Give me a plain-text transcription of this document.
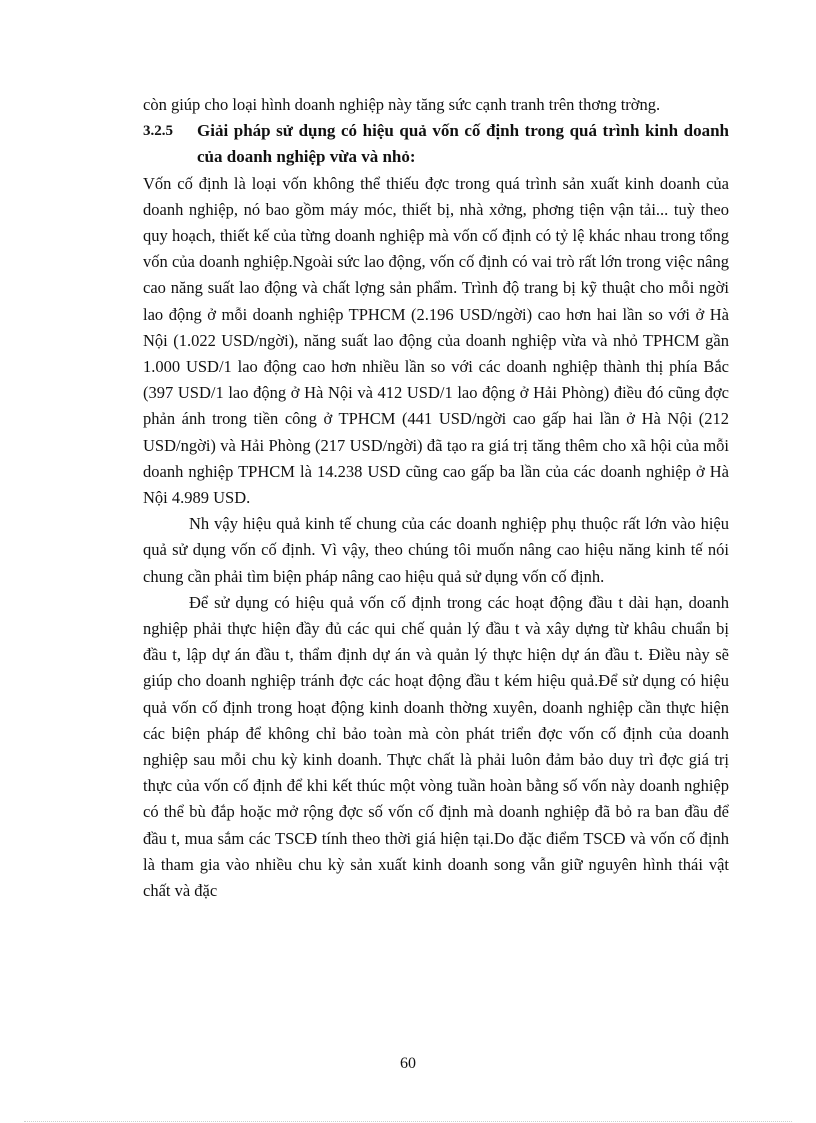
còn giúp cho loại hình doanh nghiệp này tăng sức cạnh tranh trên thơng trờng.

3.2.5	Giải pháp sử dụng có hiệu quả vốn cố định trong quá trình kinh doanh của doanh nghiệp vừa và nhỏ:

Vốn cố định là loại vốn không thể thiếu đợc trong quá trình sản xuất kinh doanh của doanh nghiệp, nó bao gồm máy móc, thiết bị, nhà xởng, phơng tiện vận tải... tuỳ theo quy hoạch, thiết kế của từng doanh nghiệp mà vốn cố định có tỷ lệ khác nhau trong tổng vốn của doanh nghiệp.Ngoài sức lao động, vốn cố định có vai trò rất lớn trong việc nâng cao năng suất lao động và chất lợng sản phẩm. Trình độ trang bị kỹ thuật cho mỗi ngời lao động ở mỗi doanh nghiệp TPHCM (2.196 USD/ngời) cao hơn hai lần so với ở Hà Nội (1.022 USD/ngời), năng suất lao động của doanh nghiệp vừa và nhỏ TPHCM gần 1.000 USD/1 lao động cao hơn nhiều lần so với các doanh nghiệp thành thị phía Bắc (397 USD/1 lao động ở Hà Nội và 412 USD/1 lao động ở Hải Phòng) điều đó cũng đợc phản ánh trong tiền công ở TPHCM (441 USD/ngời cao gấp hai lần ở Hà Nội (212 USD/ngời) và Hải Phòng (217 USD/ngời) đã tạo ra giá trị tăng thêm cho xã hội của mỗi doanh nghiệp TPHCM là 14.238 USD cũng cao gấp ba lần của các doanh nghiệp ở Hà Nội 4.989 USD.

Nh vậy hiệu quả kinh tế chung của các doanh nghiệp phụ thuộc rất lớn vào hiệu quả sử dụng vốn cố định. Vì vậy, theo chúng tôi muốn nâng cao hiệu năng kinh tế nói chung cần phải tìm biện pháp nâng cao hiệu quả sử dụng vốn cố định.

Để sử dụng có hiệu quả vốn cố định trong các hoạt động đầu t dài hạn, doanh nghiệp phải thực hiện đầy đủ các qui chế quản lý đầu t và xây dựng từ khâu chuẩn bị đầu t, lập dự án đầu t, thẩm định dự án và quản lý thực hiện dự án đầu t. Điều này sẽ giúp cho doanh nghiệp tránh đợc các hoạt động đầu t kém hiệu quả.Để sử dụng có hiệu quả vốn cố định trong hoạt động kinh doanh thờng xuyên, doanh nghiệp cần thực hiện các biện pháp để không chỉ bảo toàn mà còn phát triển đợc vốn cố định của doanh nghiệp sau mỗi chu kỳ kinh doanh. Thực chất là phải luôn đảm bảo duy trì đợc giá trị thực của vốn cố định để khi kết thúc một vòng tuần hoàn bằng số vốn này doanh nghiệp có thể bù đắp hoặc mở rộng đợc số vốn cố định mà doanh nghiệp đã bỏ ra ban đầu để đầu t, mua sắm các TSCĐ tính theo thời giá hiện tại.Do đặc điểm TSCĐ và vốn cố định là tham gia vào nhiều chu kỳ sản xuất kinh doanh song vẫn giữ nguyên hình thái vật chất và đặc

60
